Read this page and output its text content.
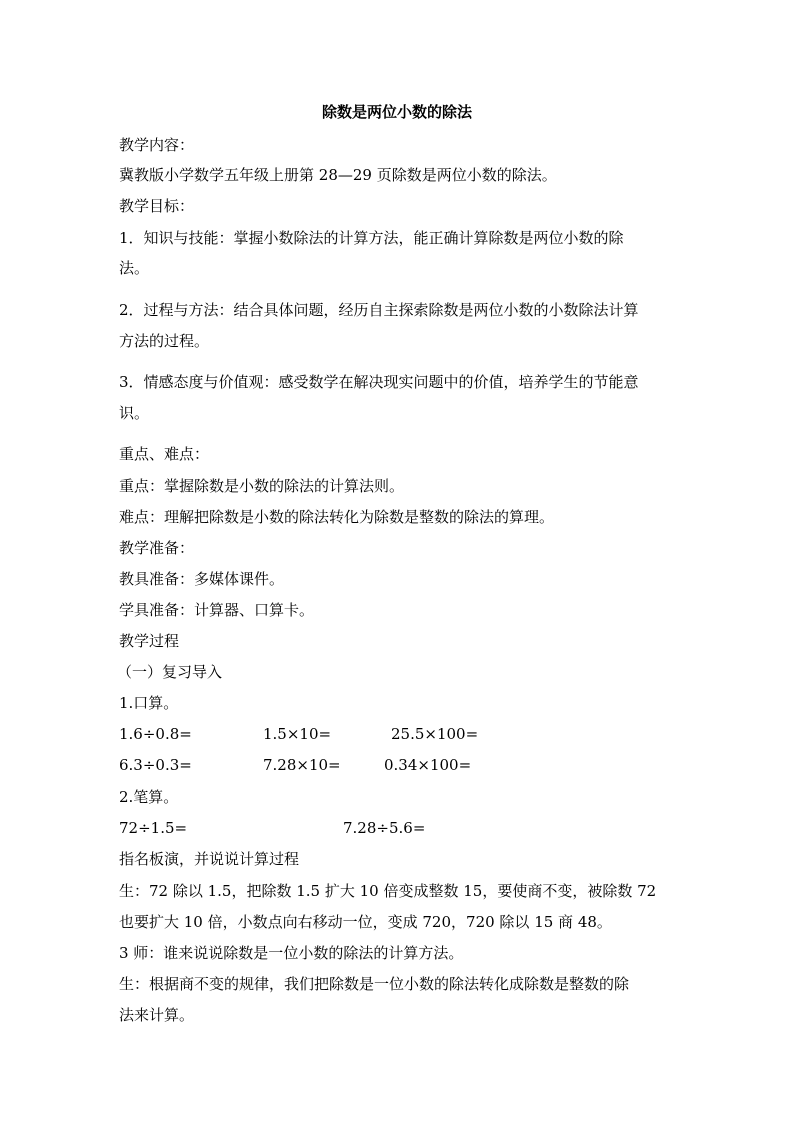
除数是两位小数的除法
教学内容：
冀教版小学数学五年级上册第 28—29 页除数是两位小数的除法。
教学目标：
1．知识与技能：掌握小数除法的计算方法，能正确计算除数是两位小数的除
法。
2．过程与方法：结合具体问题，经历自主探索除数是两位小数的小数除法计算
方法的过程。
3．情感态度与价值观：感受数学在解决现实问题中的价值，培养学生的节能意
识。
重点、难点：
重点：掌握除数是小数的除法的计算法则。
难点：理解把除数是小数的除法转化为除数是整数的除法的算理。
教学准备：
教具准备：多媒体课件。
学具准备：计算器、口算卡。
教学过程
（一）复习导入
1.口算。
1.6÷0.8=	1.5×10=	25.5×100=
6.3÷0.3=	7.28×10=	0.34×100=
2.笔算。
72÷1.5=	7.28÷5.6=
指名板演，并说说计算过程
生：72 除以 1.5，把除数 1.5 扩大 10 倍变成整数 15，要使商不变，被除数 72
也要扩大 10 倍，小数点向右移动一位，变成 720，720 除以 15 商 48。
3 师：谁来说说除数是一位小数的除法的计算方法。
生：根据商不变的规律，我们把除数是一位小数的除法转化成除数是整数的除
法来计算。
